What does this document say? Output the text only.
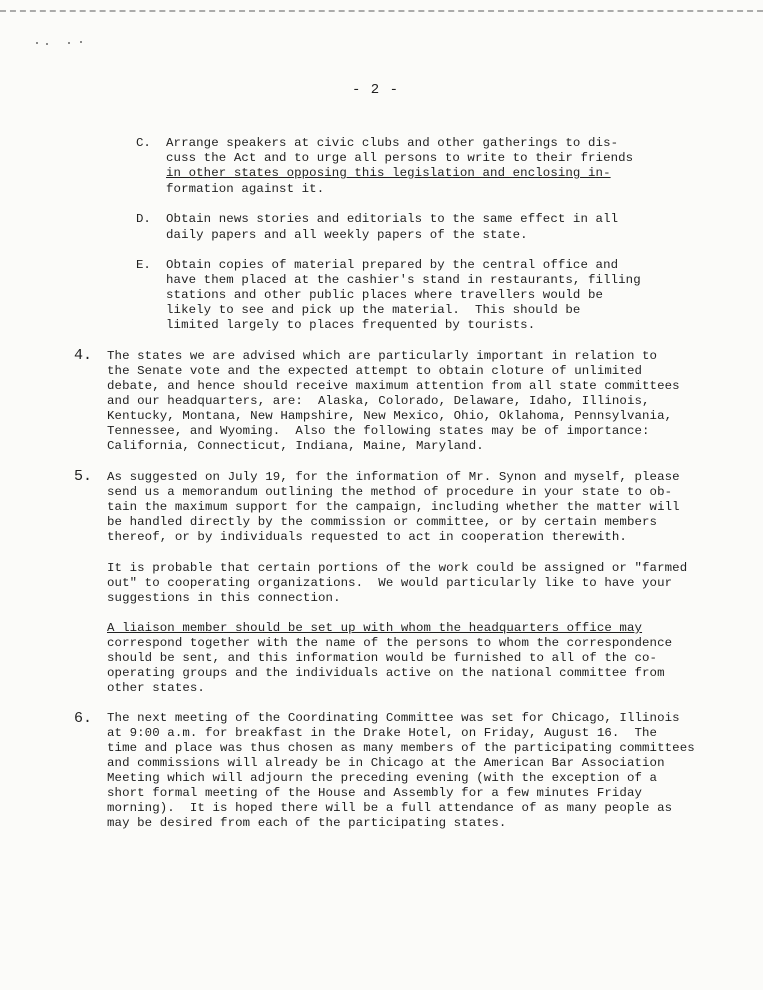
- 2 -
C. Arrange speakers at civic clubs and other gatherings to dis-
cuss the Act and to urge all persons to write to their friends
in other states opposing this legislation and enclosing in-
formation against it.
D. Obtain news stories and editorials to the same effect in all
daily papers and all weekly papers of the state.
E. Obtain copies of material prepared by the central office and
have them placed at the cashier's stand in restaurants, filling
stations and other public places where travellers would be
likely to see and pick up the material.  This should be
limited largely to places frequented by tourists.
4. The states we are advised which are particularly important in relation to
the Senate vote and the expected attempt to obtain cloture of unlimited
debate, and hence should receive maximum attention from all state committees
and our headquarters, are:  Alaska, Colorado, Delaware, Idaho, Illinois,
Kentucky, Montana, New Hampshire, New Mexico, Ohio, Oklahoma, Pennsylvania,
Tennessee, and Wyoming.  Also the following states may be of importance:
California, Connecticut, Indiana, Maine, Maryland.
5. As suggested on July 19, for the information of Mr. Synon and myself, please
send us a memorandum outlining the method of procedure in your state to ob-
tain the maximum support for the campaign, including whether the matter will
be handled directly by the commission or committee, or by certain members
thereof, or by individuals requested to act in cooperation therewith.
It is probable that certain portions of the work could be assigned or "farmed
out" to cooperating organizations.  We would particularly like to have your
suggestions in this connection.
A liaison member should be set up with whom the headquarters office may
correspond together with the name of the persons to whom the correspondence
should be sent, and this information would be furnished to all of the co-
operating groups and the individuals active on the national committee from
other states.
6. The next meeting of the Coordinating Committee was set for Chicago, Illinois
at 9:00 a.m. for breakfast in the Drake Hotel, on Friday, August 16.  The
time and place was thus chosen as many members of the participating committees
and commissions will already be in Chicago at the American Bar Association
Meeting which will adjourn the preceding evening (with the exception of a
short formal meeting of the House and Assembly for a few minutes Friday
morning).  It is hoped there will be a full attendance of as many people as
may be desired from each of the participating states.
